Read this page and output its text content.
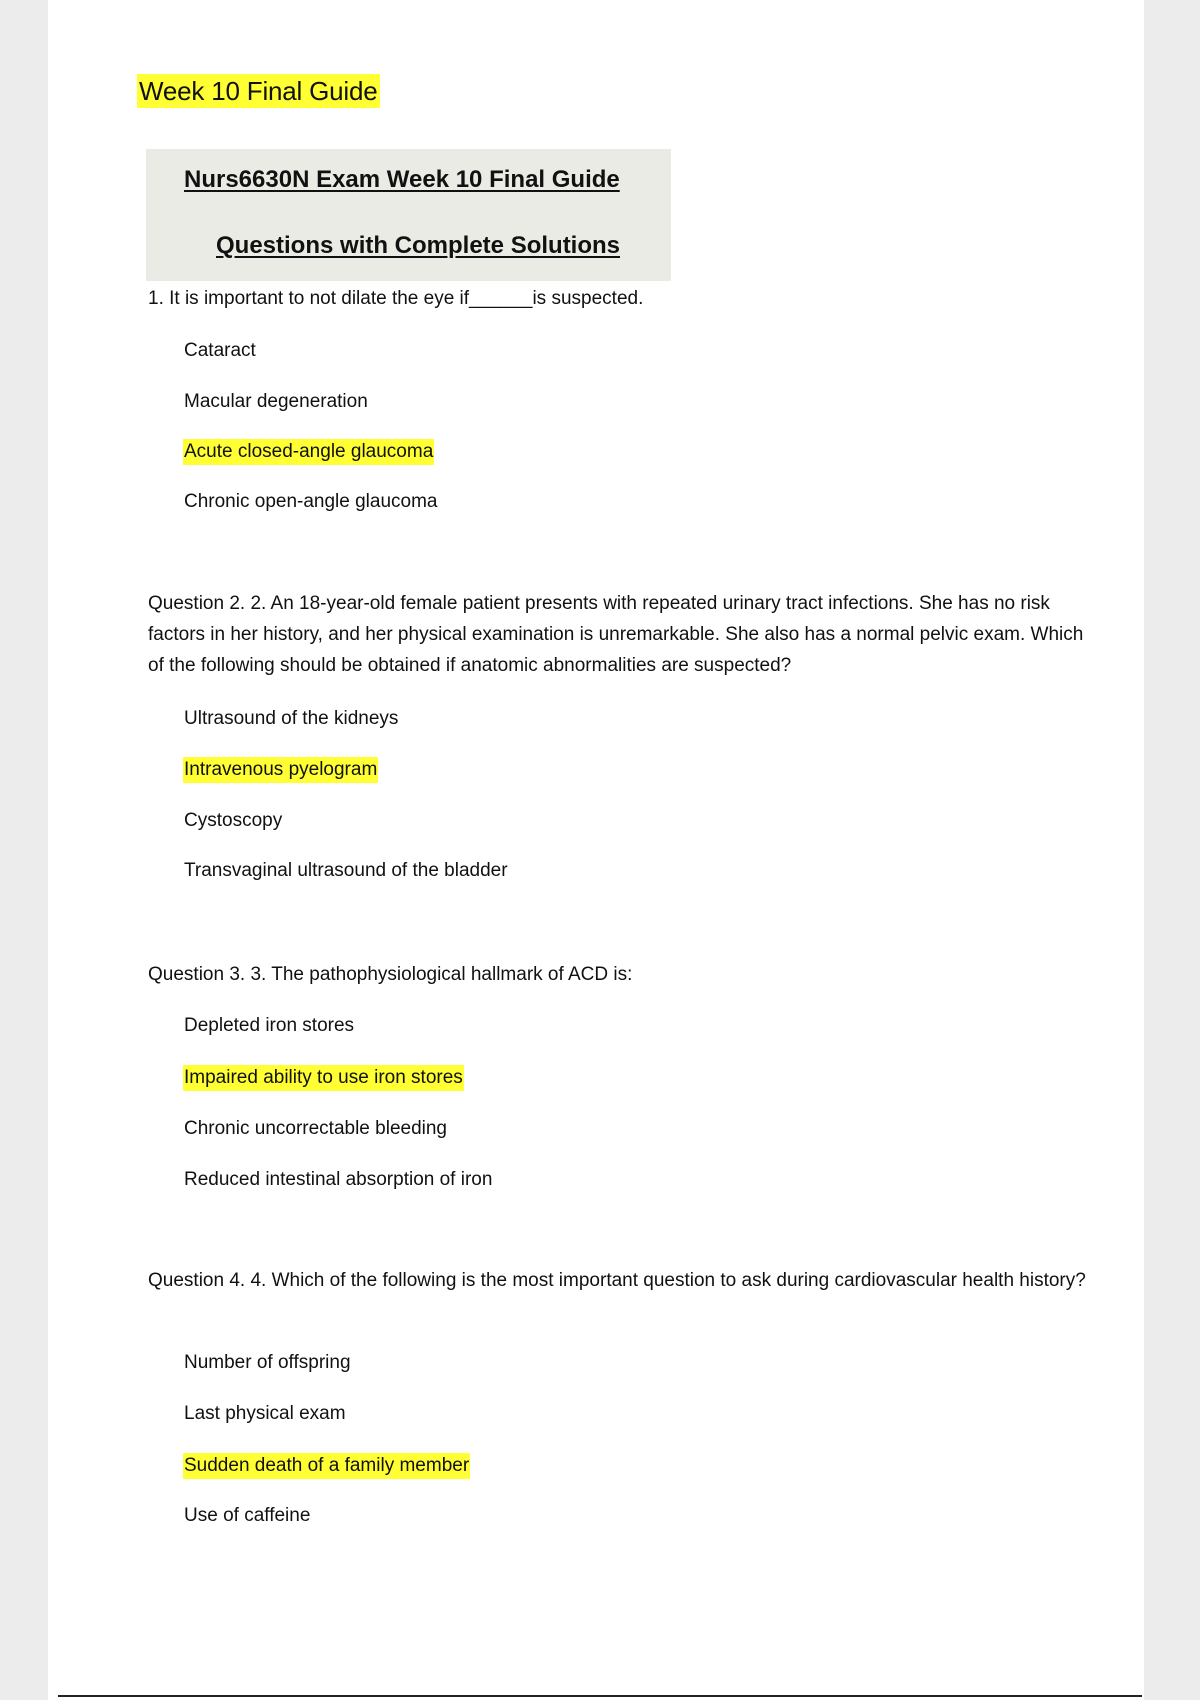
Week 10 Final Guide
Nurs6630N Exam Week 10 Final Guide
Questions with Complete Solutions
1. It is important to not dilate the eye if______is suspected.
Cataract
Macular degeneration
Acute closed-angle glaucoma
Chronic open-angle glaucoma
Question 2. 2. An 18-year-old female patient presents with repeated urinary tract infections. She has no risk factors in her history, and her physical examination is unremarkable. She also has a normal pelvic exam. Which of the following should be obtained if anatomic abnormalities are suspected?
Ultrasound of the kidneys
Intravenous pyelogram
Cystoscopy
Transvaginal ultrasound of the bladder
Question 3. 3. The pathophysiological hallmark of ACD is:
Depleted iron stores
Impaired ability to use iron stores
Chronic uncorrectable bleeding
Reduced intestinal absorption of iron
Question 4. 4. Which of the following is the most important question to ask during cardiovascular health history?
Number of offspring
Last physical exam
Sudden death of a family member
Use of caffeine
